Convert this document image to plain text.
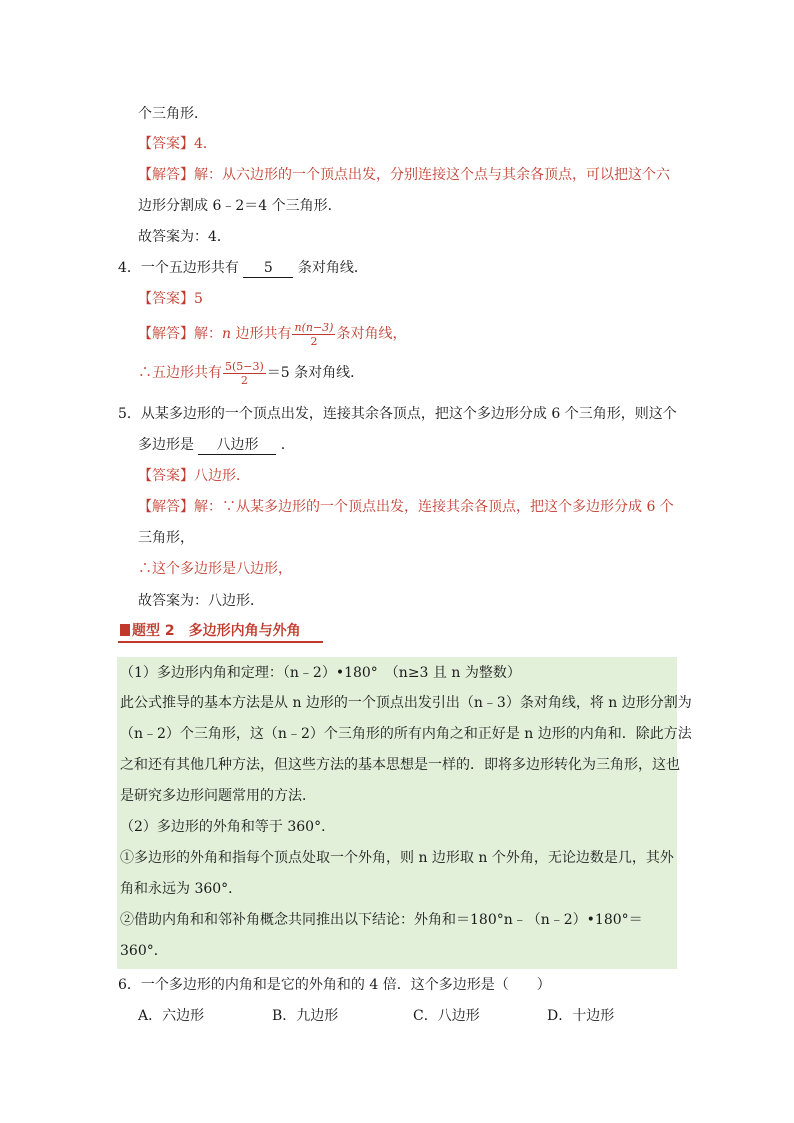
个三角形．
【答案】4．
【解答】解：从六边形的一个顶点出发，分别连接这个点与其余各顶点，可以把这个六
边形分割成 6﹣2＝4 个三角形．
故答案为：4．
4．一个五边形共有 5 条对角线．
【答案】5
【解答】解：n 边形共有 $\frac{n(n-3)}{2}$ 条对角线，
∴五边形共有 $\frac{5(5-3)}{2} =5$ 条对角线．
5．从某多边形的一个顶点出发，连接其余各顶点，把这个多边形分成 6 个三角形，则这个
多边形是 八边形 ．
【答案】八边形．
【解答】解：∵从某多边形的一个顶点出发，连接其余各顶点，把这个多边形分成 6 个
三角形，
∴这个多边形是八边形，
故答案为：八边形．
题型 2　多边形内角与外角
（1）多边形内角和定理：（n﹣2）•180°　（n≥3 且 n 为整数）
此公式推导的基本方法是从 n 边形的一个顶点出发引出（n﹣3）条对角线，将 n 边形分割为
（n﹣2）个三角形，这（n﹣2）个三角形的所有内角之和正好是 n 边形的内角和．除此方法
之和还有其他几种方法，但这些方法的基本思想是一样的．即将多边形转化为三角形，这也
是研究多边形问题常用的方法．
（2）多边形的外角和等于 360°．
①多边形的外角和指每个顶点处取一个外角，则 n 边形取 n 个外角，无论边数是几，其外
角和永远为 360°．
②借助内角和和邻补角概念共同推出以下结论：外角和＝180°n﹣（n﹣2）•180°＝
360°．
6．一个多边形的内角和是它的外角和的 4 倍．这个多边形是（　　）
A．六边形	B．九边形	C．八边形	D．十边形
